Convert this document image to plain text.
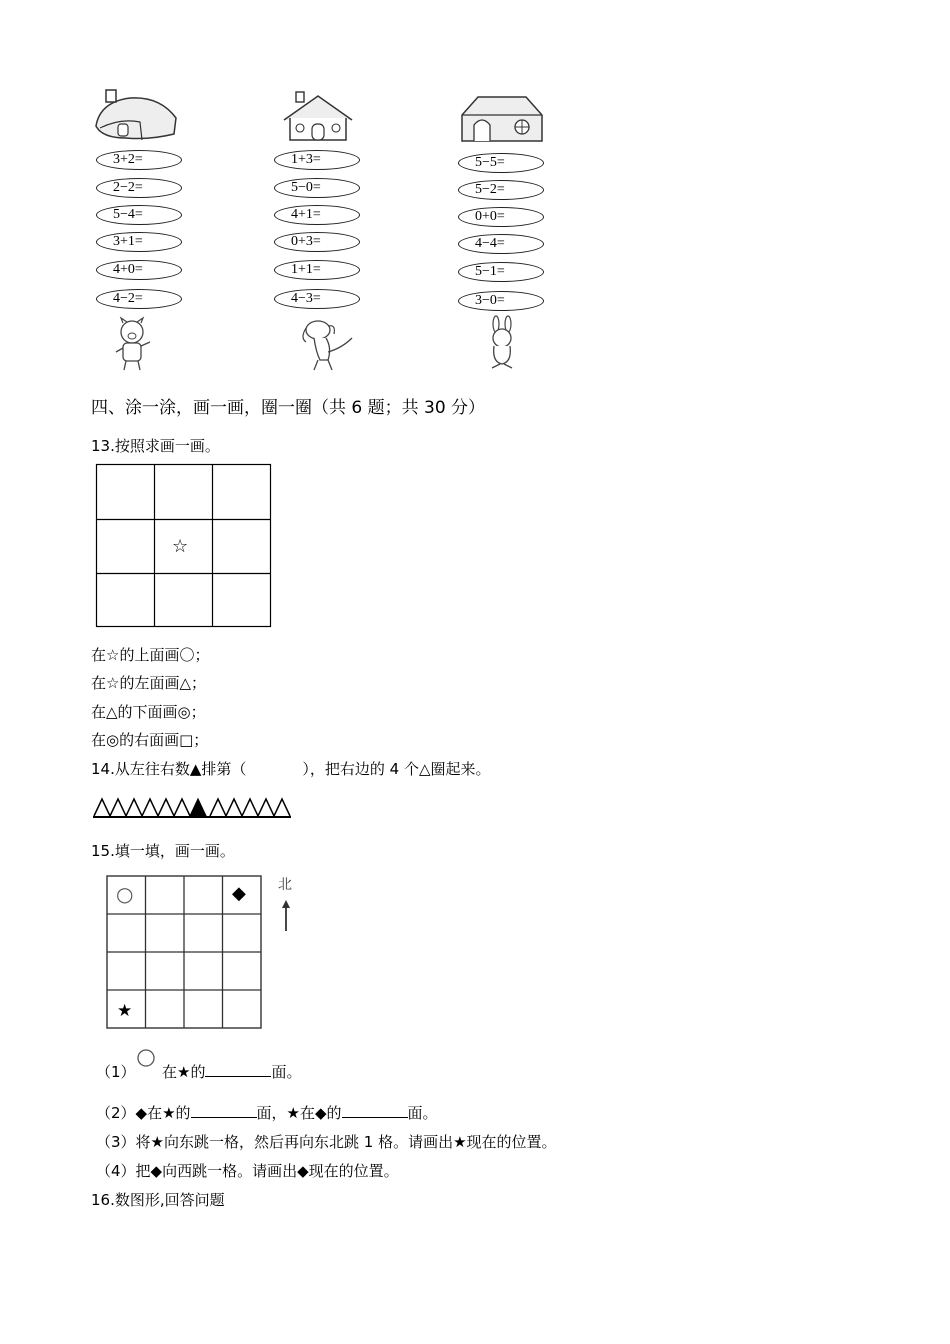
3+2=
2−2=
5−4=
3+1=
4+0=
4−2=
1+3=
5−0=
4+1=
0+3=
1+1=
4−3=
5−5=
5−2=
0+0=
4−4=
5−1=
3−0=
四、涂一涂，画一画，圈一圈（共 6 题；共 30 分）
13.按照求画一画。
☆
在☆的上面画〇；
在☆的左面画△；
在△的下面画◎；
在◎的右面画□；
14.从左往右数▲排第（	），把右边的 4 个△圈起来。
15.填一填，画一画。
○	◆
★
北
（1） 在★的	面。
（2）◆在★的	面，★在◆的	面。
（3）将★向东跳一格，然后再向东北跳 1 格。请画出★现在的位置。
（4）把◆向西跳一格。请画出◆现在的位置。
16.数图形,回答问题
